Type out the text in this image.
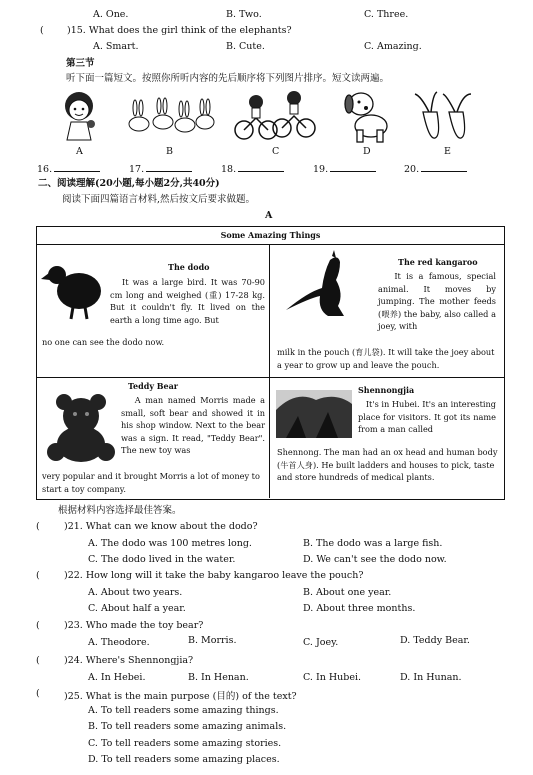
A. One.	B. Two.	C. Three.
( )15. What does the girl think of the elephants?
A. Smart.	B. Cute.	C. Amazing.
第三节
听下面一篇短文。按照你所听内容的先后顺序将下列图片排序。短文读两遍。
A	B	C	D	E
16.	17.	18.	19.	20.
二、阅读理解(20小题,每小题2分,共40分)
阅读下面四篇语言材料,然后按文后要求做题。
A
Some Amazing Things
The dodo
It was a large bird. It was 70-90 cm long and weighed (重) 17-28 kg. But it couldn't fly. It lived on the earth a long time ago. But
no one can see the dodo now.
The red kangaroo
It is a famous, special animal. It moves by jumping. The mother feeds (喂养) the baby, also called a joey, with
milk in the pouch (育儿袋). It will take the joey about a year to grow up and leave the pouch.
Teddy Bear
A man named Morris made a small, soft bear and showed it in his shop window. Next to the bear was a sign. It read, "Teddy Bear". The new toy was
very popular and it brought Morris a lot of money to start a toy company.
Shennongjia
It's in Hubei. It's an interesting place for visitors. It got its name from a man called
Shennong. The man had an ox head and human body (牛首人身). He built ladders and houses to pick, taste and store hundreds of medical plants.
根据材料内容选择最佳答案。
(	)21. What can we know about the dodo?
A. The dodo was 100 metres long.	B. The dodo was a large fish.
C. The dodo lived in the water.	D. We can't see the dodo now.
(	)22. How long will it take the baby kangaroo leave the pouch?
A. About two years.	B. About one year.
C. About half a year.	D. About three months.
(	)23. Who made the toy bear?
A. Theodore.	B. Morris.	C. Joey.	D. Teddy Bear.
(	)24. Where's Shennongjia?
A. In Hebei.	B. In Henan.	C. In Hubei.	D. In Hunan.
(	)25. What is the main purpose (目的) of the text?
A. To tell readers some amazing things.
B. To tell readers some amazing animals.
C. To tell readers some amazing stories.
D. To tell readers some amazing places.
